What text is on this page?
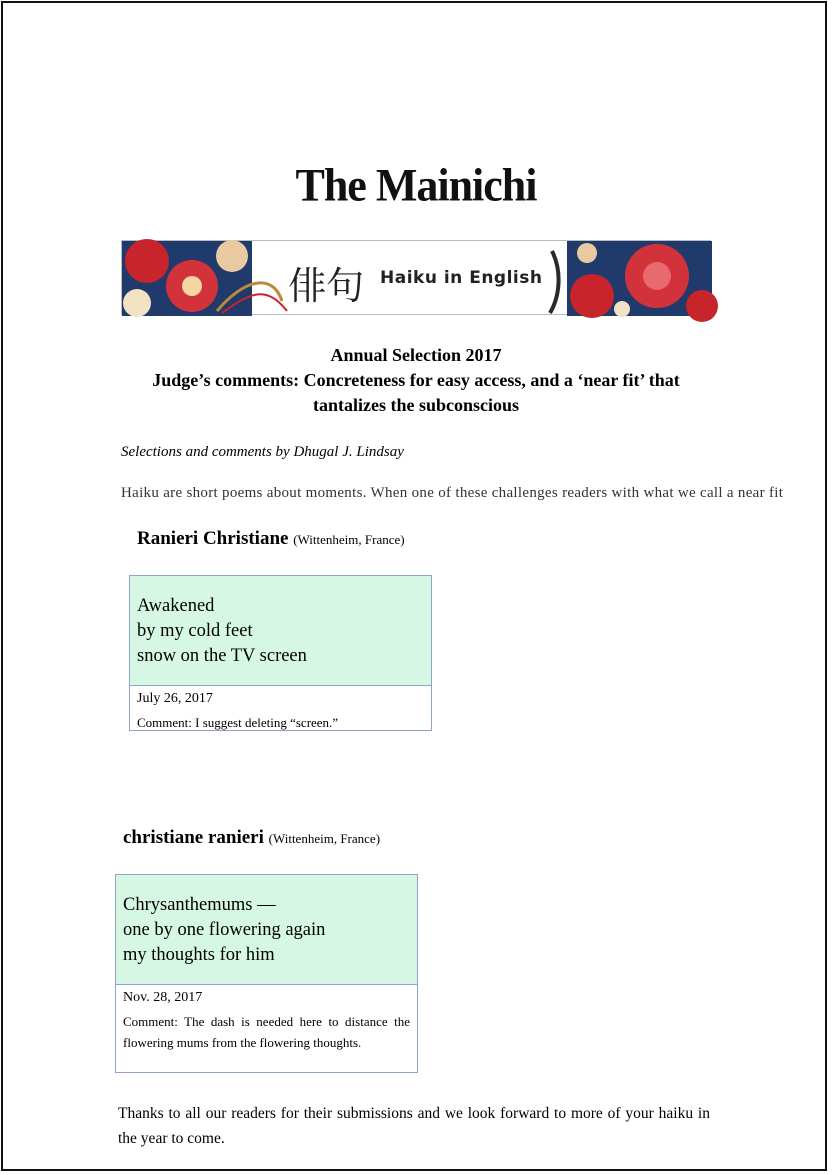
The Mainichi
俳句 Haiku in English
Annual Selection 2017
Judge’s comments: Concreteness for easy access, and a ‘near fit’ that
tantalizes the subconscious
Selections and comments by Dhugal J. Lindsay
Haiku are short poems about moments. When one of these challenges readers with what we call a near fit
Ranieri Christiane (Wittenheim, France)
Awakened
by my cold feet
snow on the TV screen
July 26, 2017
Comment: I suggest deleting “screen.”
christiane ranieri (Wittenheim, France)
Chrysanthemums —
one by one flowering again
my thoughts for him
Nov. 28, 2017
Comment: The dash is needed here to distance the flowering mums from the flowering thoughts.
Thanks to all our readers for their submissions and we look forward to more of your haiku in the year to come.
